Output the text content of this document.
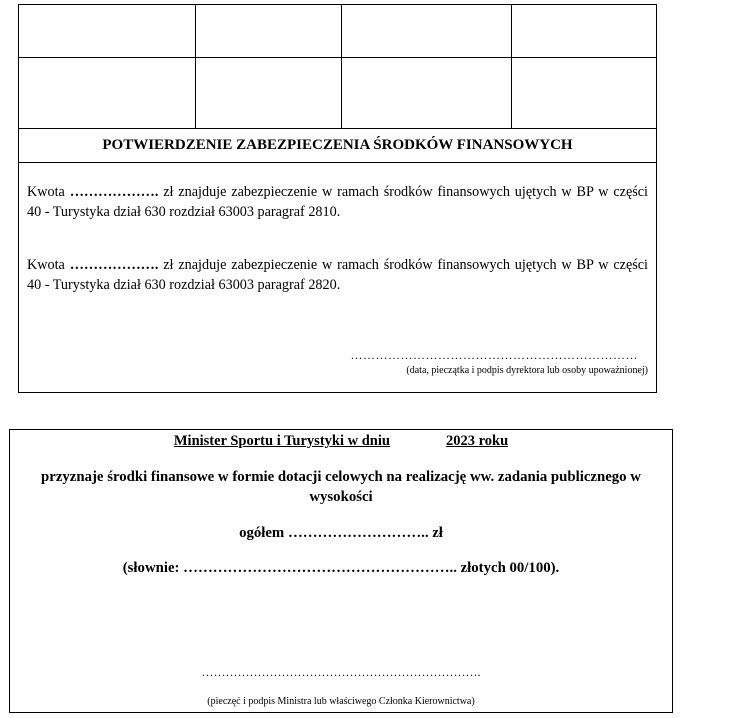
POTWIERDZENIE ZABEZPIECZENIA ŚRODKÓW FINANSOWYCH
Kwota ………………. zł znajduje zabezpieczenie w ramach środków finansowych ujętych w BP w części 40 - Turystyka dział 630 rozdział 63003 paragraf 2810.
Kwota ………………. zł znajduje zabezpieczenie w ramach środków finansowych ujętych w BP w części 40 - Turystyka dział 630 rozdział 63003 paragraf 2820.
……………………………………………………………
(data, pieczątka i podpis dyrektora lub osoby upoważnionej)
Minister Sportu i Turystyki w dniu	2023 roku
przyznaje środki finansowe w formie dotacji celowych na realizację ww. zadania publicznego w wysokości
ogółem ……………………….. zł
(słownie: ……………………………………………….. złotych 00/100).
…………………………………………………………….
(pieczęć i podpis Ministra lub właściwego Członka Kierownictwa)
